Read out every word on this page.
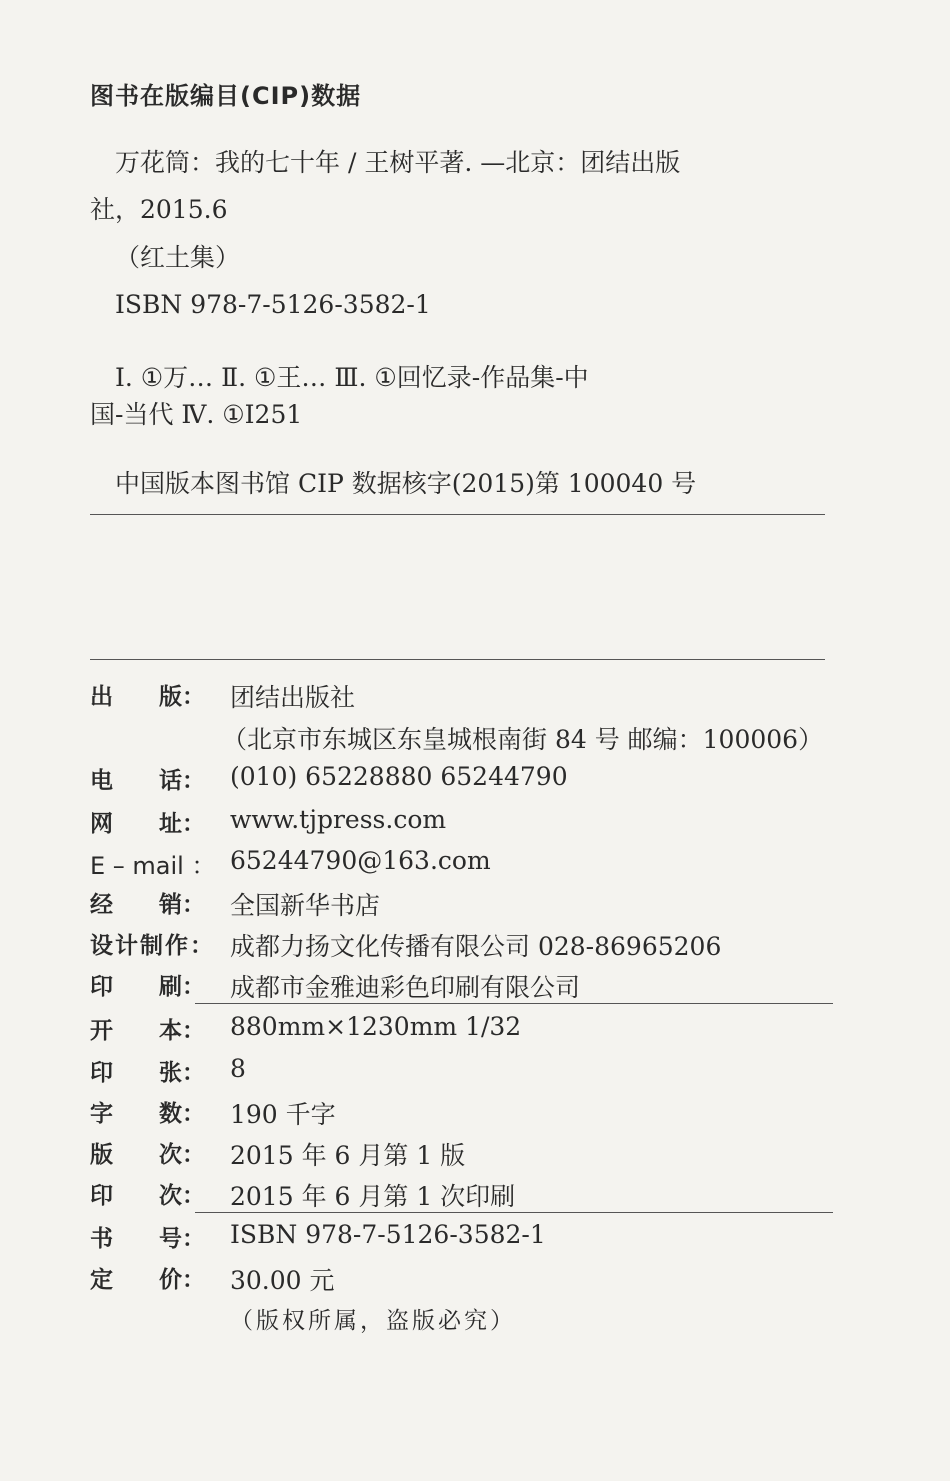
图书在版编目(CIP)数据
万花筒：我的七十年 / 王树平著. —北京：团结出版
社，2015.6
（红土集）
ISBN 978-7-5126-3582-1
Ⅰ. ①万… Ⅱ. ①王… Ⅲ. ①回忆录-作品集-中
国-当代 Ⅳ. ①I251
中国版本图书馆 CIP 数据核字(2015)第 100040 号
出 版： 团结出版社
（北京市东城区东皇城根南街 84 号 邮编：100006）
电 话： (010) 65228880 65244790
网 址： www.tjpress.com
E – mail ： 65244790@163.com
经 销： 全国新华书店
设计制作： 成都力扬文化传播有限公司 028-86965206
印 刷： 成都市金雅迪彩色印刷有限公司
开 本： 880mm×1230mm 1/32
印 张： 8
字 数： 190 千字
版 次： 2015 年 6 月第 1 版
印 次： 2015 年 6 月第 1 次印刷
书 号： ISBN 978-7-5126-3582-1
定 价： 30.00 元
（版权所属，盗版必究）
